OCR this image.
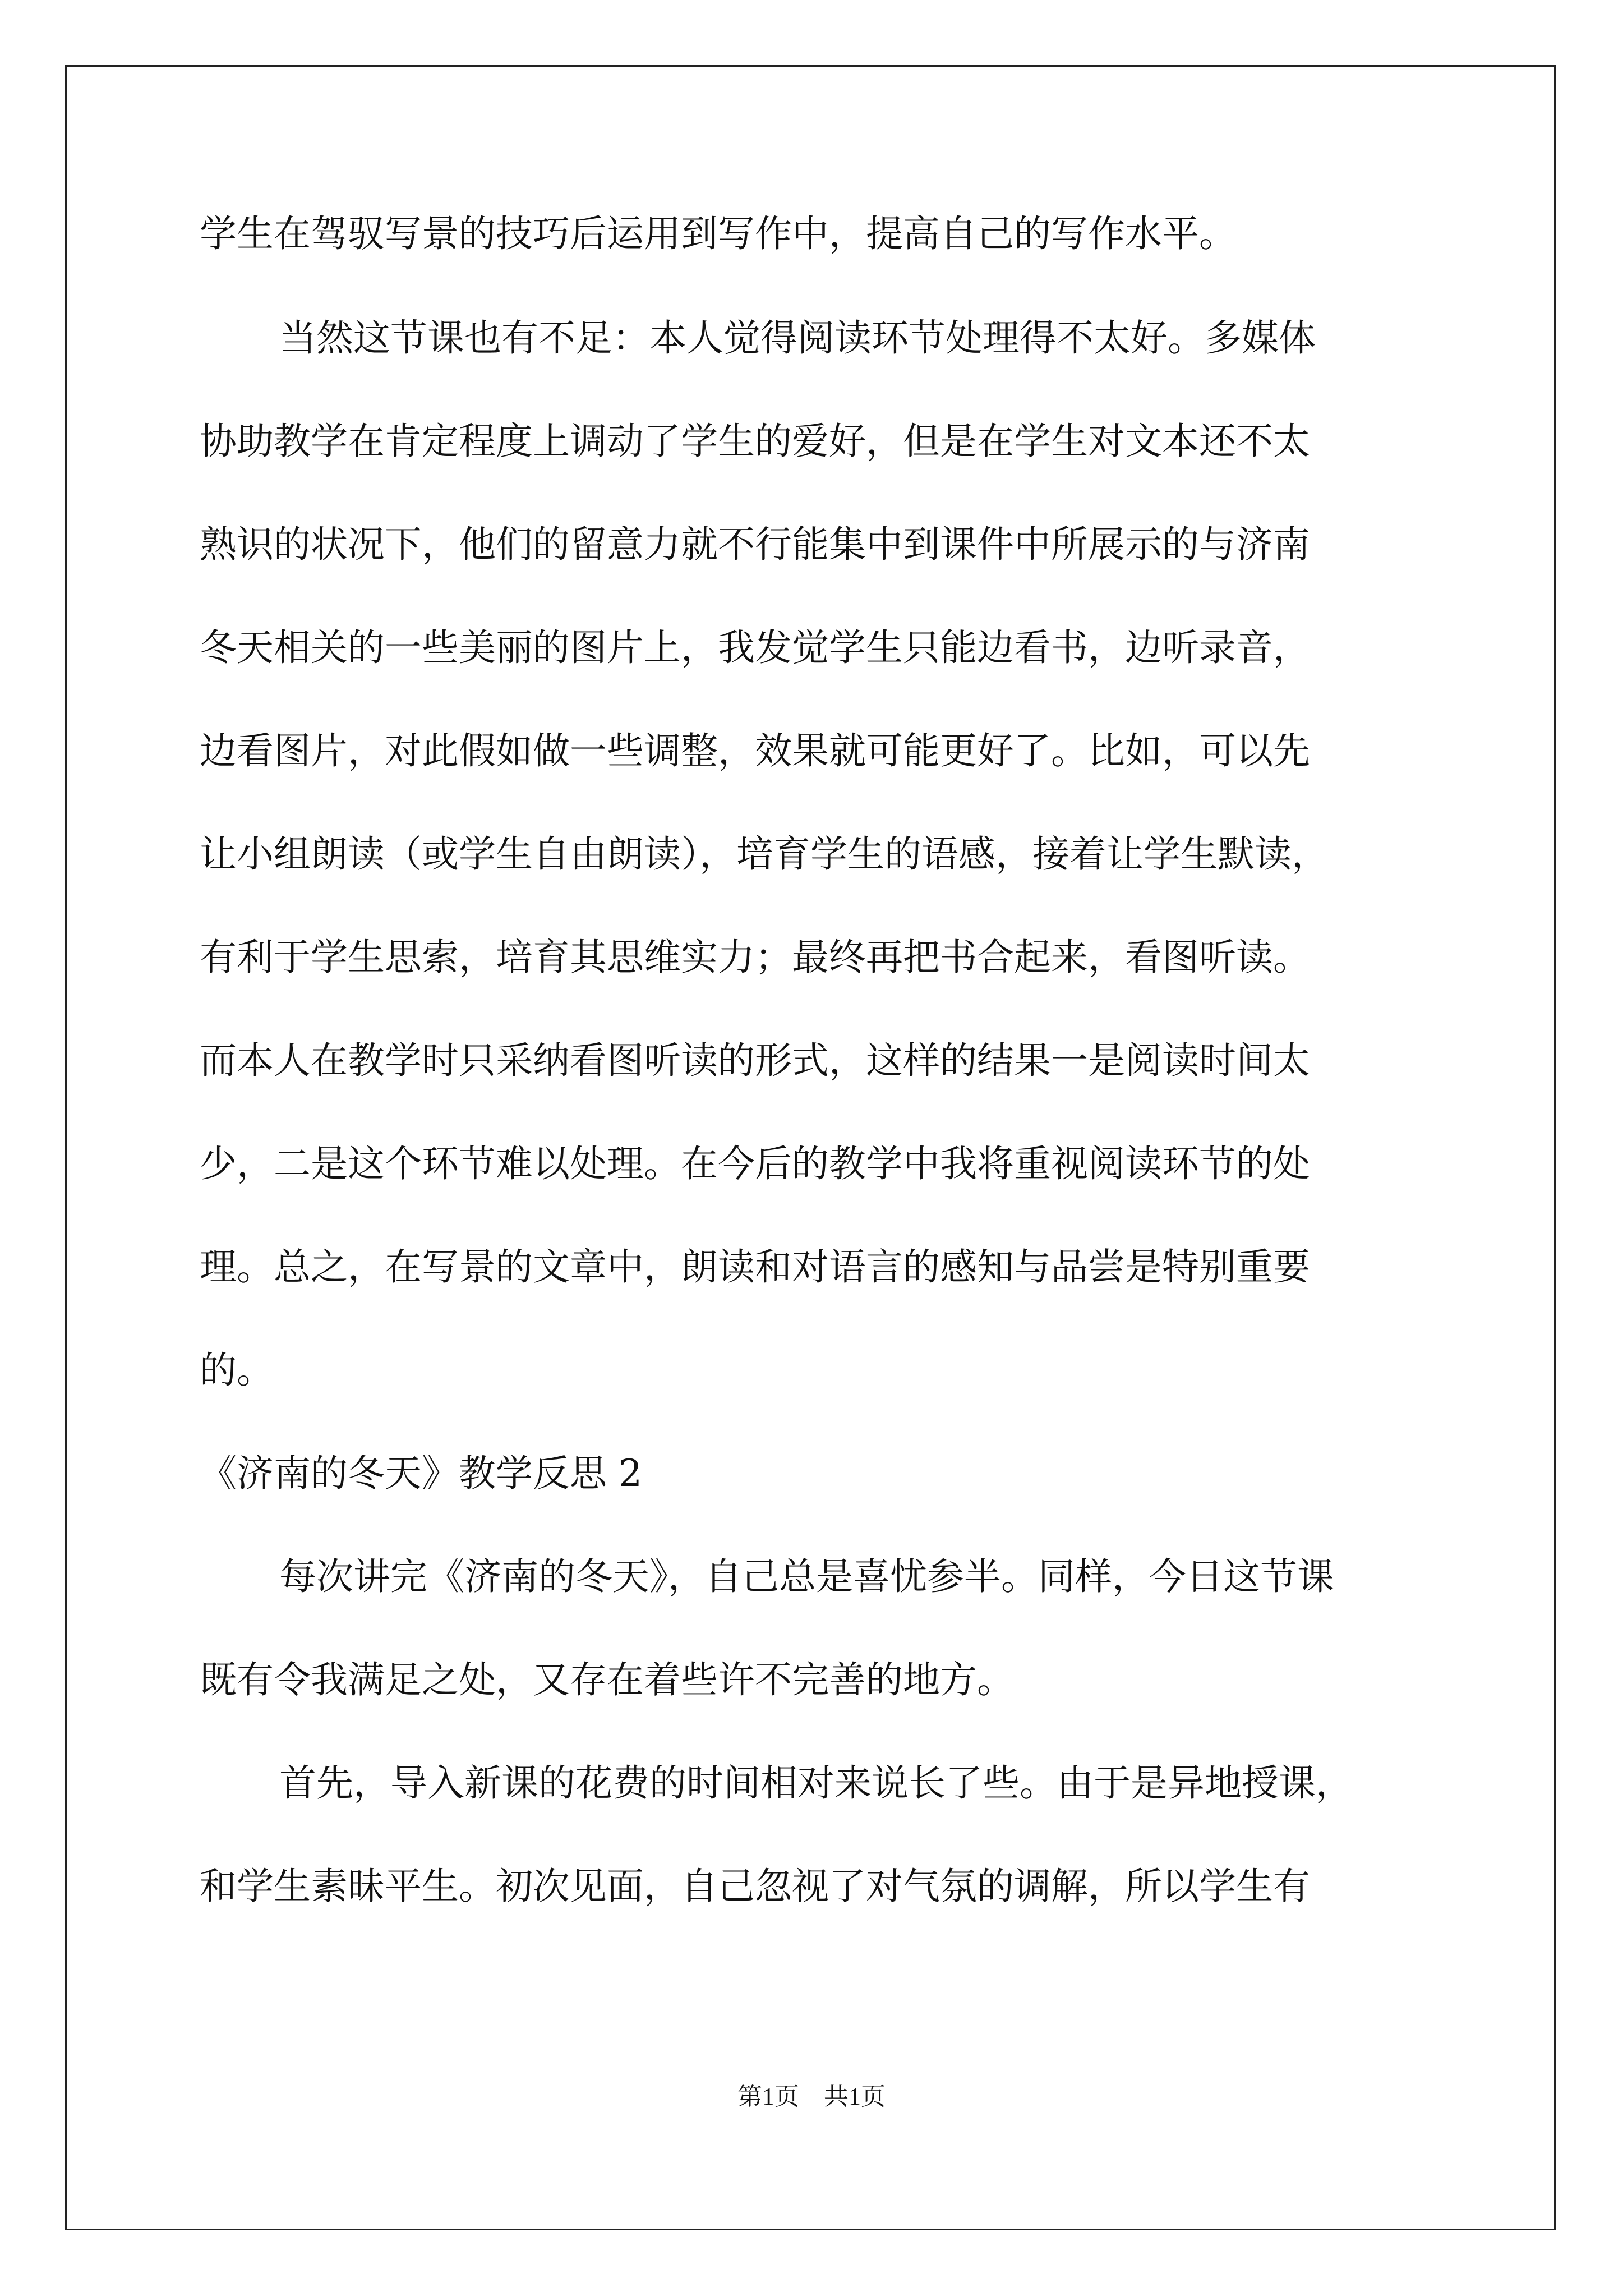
学生在驾驭写景的技巧后运用到写作中，提高自己的写作水平。
当然这节课也有不足：本人觉得阅读环节处理得不太好。多媒体
协助教学在肯定程度上调动了学生的爱好，但是在学生对文本还不太
熟识的状况下，他们的留意力就不行能集中到课件中所展示的与济南
冬天相关的一些美丽的图片上，我发觉学生只能边看书，边听录音，
边看图片，对此假如做一些调整，效果就可能更好了。比如，可以先
让小组朗读（或学生自由朗读），培育学生的语感，接着让学生默读，
有利于学生思索，培育其思维实力；最终再把书合起来，看图听读。
而本人在教学时只采纳看图听读的形式，这样的结果一是阅读时间太
少，二是这个环节难以处理。在今后的教学中我将重视阅读环节的处
理。总之，在写景的文章中，朗读和对语言的感知与品尝是特别重要
的。
《济南的冬天》教学反思 2
每次讲完《济南的冬天》，自己总是喜忧参半。同样，今日这节课
既有令我满足之处，又存在着些许不完善的地方。
首先，导入新课的花费的时间相对来说长了些。由于是异地授课，
和学生素昧平生。初次见面，自己忽视了对气氛的调解，所以学生有
第1页　共1页
